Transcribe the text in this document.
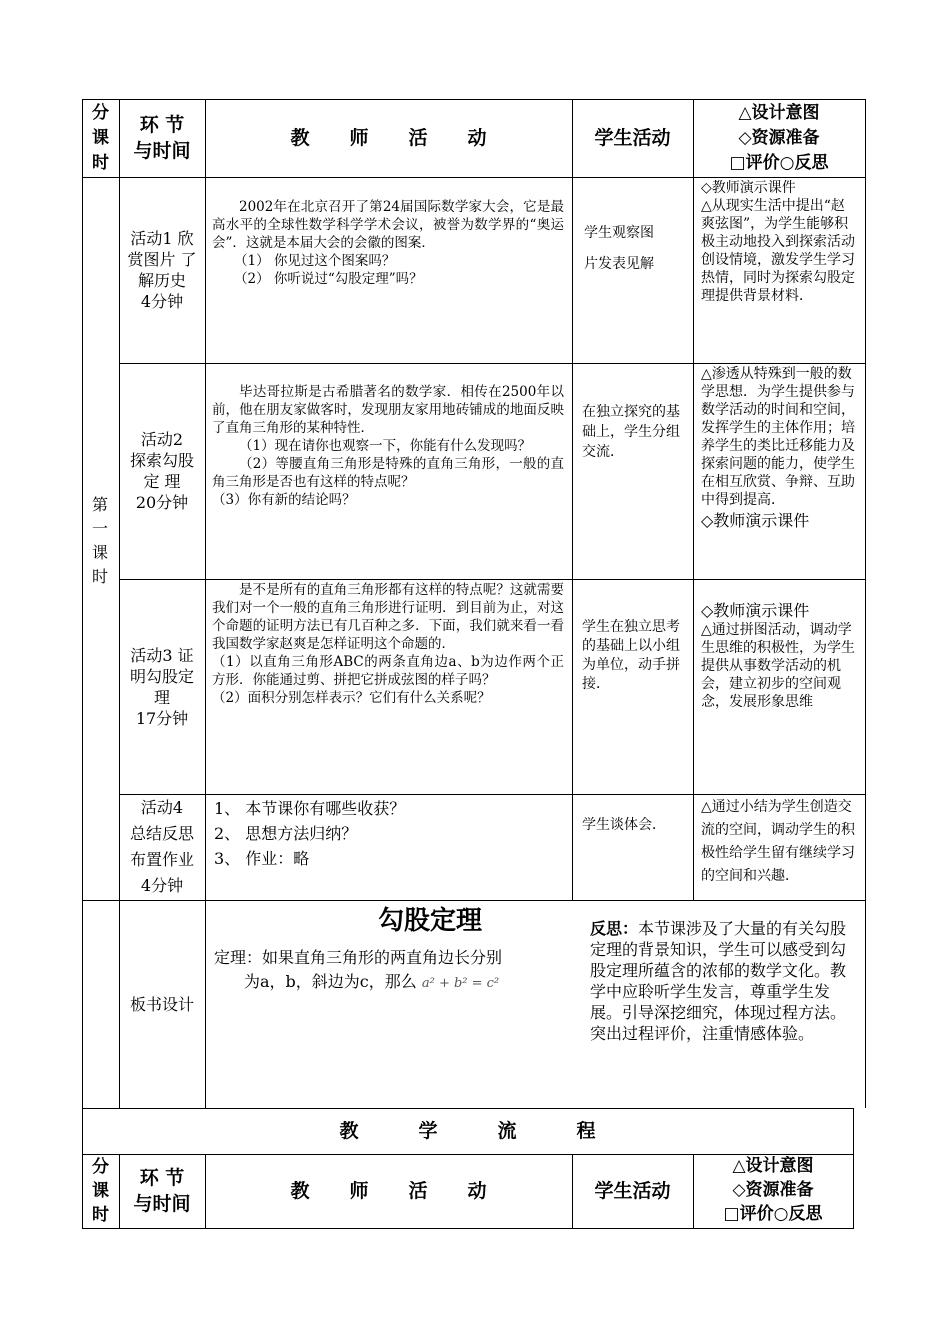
分
课
时
环 节
与时间
教师活动	学生活动
△设计意图
◇资源准备
□评价○反思
第
一
课
时
活动1 欣
赏图片 了
解历史
4分钟

2002年在北京召开了第24届国际数学家大会，它是最高水平的全球性数学科学学术会议，被誉为数学界的“奥运会”．这就是本届大会的会徽的图案．

（1） 你见过这个图案吗？

（2） 你听说过“勾股定理”吗？

学生观察图
片发表见解

◇教师演示课件

△从现实生活中提出“赵爽弦图”，为学生能够积极主动地投入到探索活动创设情境，激发学生学习热情，同时为探索勾股定理提供背景材料．

活动2
探索勾股
定 理
20分钟

毕达哥拉斯是古希腊著名的数学家．相传在2500年以前，他在朋友家做客时，发现朋友家用地砖铺成的地面反映了直角三角形的某种特性．

（1）现在请你也观察一下，你能有什么发现吗？

（2）等腰直角三角形是特殊的直角三角形，一般的直角三角形是否也有这样的特点呢？

（3）你有新的结论吗？

在独立探究的基础上，学生分组交流．

△渗透从特殊到一般的数学思想．为学生提供参与数学活动的时间和空间，发挥学生的主体作用；培养学生的类比迁移能力及探索问题的能力，使学生在相互欣赏、争辩、互助中得到提高．

◇教师演示课件

活动3 证
明勾股定
理
17分钟

是不是所有的直角三角形都有这样的特点呢？这就需要我们对一个一般的直角三角形进行证明．到目前为止，对这个命题的证明方法已有几百种之多．下面，我们就来看一看我国数学家赵爽是怎样证明这个命题的．

（1）以直角三角形ABC的两条直角边a、b为边作两个正方形．你能通过剪、拼把它拼成弦图的样子吗？

（2）面积分别怎样表示？它们有什么关系呢？

学生在独立思考的基础上以小组为单位，动手拼接．

◇教师演示课件

△通过拼图活动，调动学生思维的积极性，为学生提供从事数学活动的机会，建立初步的空间观念，发展形象思维

活动4
总结反思
布置作业
4分钟
1、 本节课你有哪些收获？
2、 思想方法归纳？
3、 作业：略
学生谈体会．

△通过小结为学生创造交流的空间，调动学生的积极性给学生留有继续学习的空间和兴趣．

板书设计
勾股定理
定理：如果直角三角形的两直角边长分别
为a，b，斜边为c，那么 a² + b² = c²
反思：本节课涉及了大量的有关勾股定理的背景知识，学生可以感受到勾股定理所蕴含的浓郁的数学文化。教学中应聆听学生发言，尊重学生发展。引导深挖细究，体现过程方法。突出过程评价，注重情感体验。
教学流程
分
课
时
环 节
与时间
教师活动	学生活动
△设计意图
◇资源准备
□评价○反思
